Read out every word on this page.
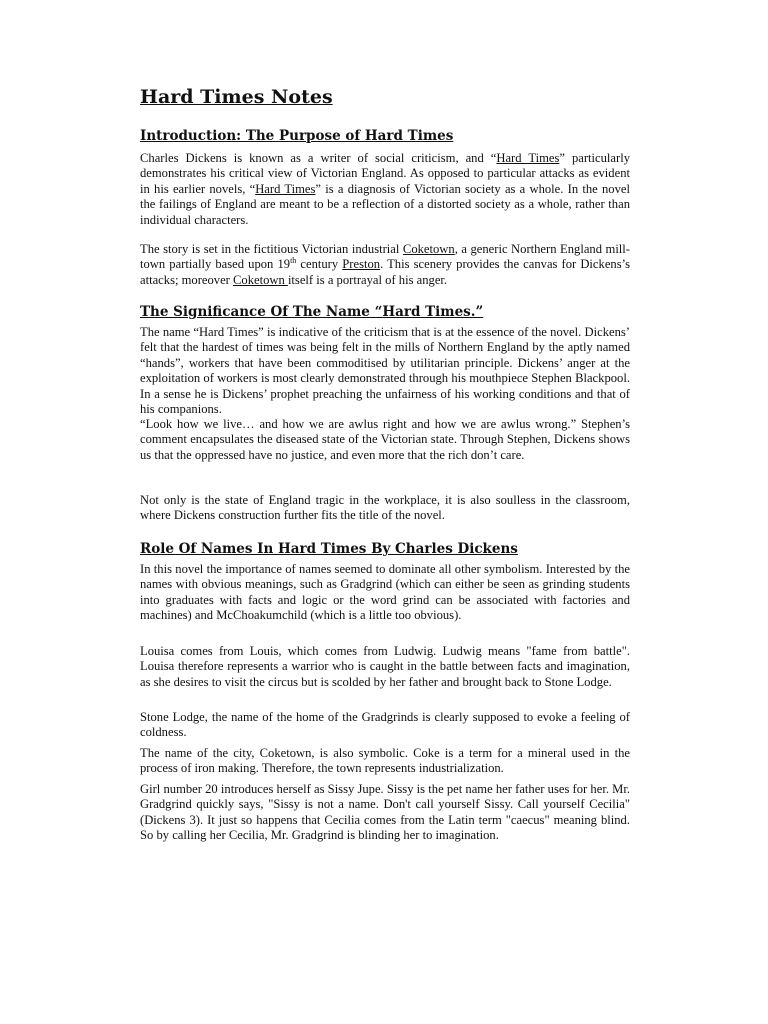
Hard Times Notes
Introduction: The Purpose of Hard Times

Charles Dickens is known as a writer of social criticism, and “Hard Times” particularly demonstrates his critical view of Victorian England. As opposed to particular attacks as evident in his earlier novels, “Hard Times” is a diagnosis of Victorian society as a whole. In the novel the failings of England are meant to be a reflection of a distorted society as a whole, rather than individual characters.

The story is set in the fictitious Victorian industrial Coketown, a generic Northern England mill-town partially based upon 19th century Preston. This scenery provides the canvas for Dickens’s attacks; moreover Coketown itself is a portrayal of his anger.

The Significance Of The Name “Hard Times.”

The name “Hard Times” is indicative of the criticism that is at the essence of the novel. Dickens’ felt that the hardest of times was being felt in the mills of Northern England by the aptly named “hands”, workers that have been commoditised by utilitarian principle. Dickens’ anger at the exploitation of workers is most clearly demonstrated through his mouthpiece Stephen Blackpool. In a sense he is Dickens’ prophet preaching the unfairness of his working conditions and that of his companions.

“Look how we live… and how we are awlus right and how we are awlus wrong.” Stephen’s comment encapsulates the diseased state of the Victorian state. Through Stephen, Dickens shows us that the oppressed have no justice, and even more that the rich don’t care.

Not only is the state of England tragic in the workplace, it is also soulless in the classroom, where Dickens construction further fits the title of the novel.

Role Of Names In Hard Times By Charles Dickens

In this novel the importance of names seemed to dominate all other symbolism. Interested by the names with obvious meanings, such as Gradgrind (which can either be seen as grinding students into graduates with facts and logic or the word grind can be associated with factories and machines) and McChoakumchild (which is a little too obvious).

Louisa comes from Louis, which comes from Ludwig. Ludwig means "fame from battle". Louisa therefore represents a warrior who is caught in the battle between facts and imagination, as she desires to visit the circus but is scolded by her father and brought back to Stone Lodge.

Stone Lodge, the name of the home of the Gradgrinds is clearly supposed to evoke a feeling of coldness.

The name of the city, Coketown, is also symbolic. Coke is a term for a mineral used in the process of iron making. Therefore, the town represents industrialization.

Girl number 20 introduces herself as Sissy Jupe. Sissy is the pet name her father uses for her. Mr. Gradgrind quickly says, "Sissy is not a name. Don't call yourself Sissy. Call yourself Cecilia" (Dickens 3). It just so happens that Cecilia comes from the Latin term "caecus" meaning blind. So by calling her Cecilia, Mr. Gradgrind is blinding her to imagination.
